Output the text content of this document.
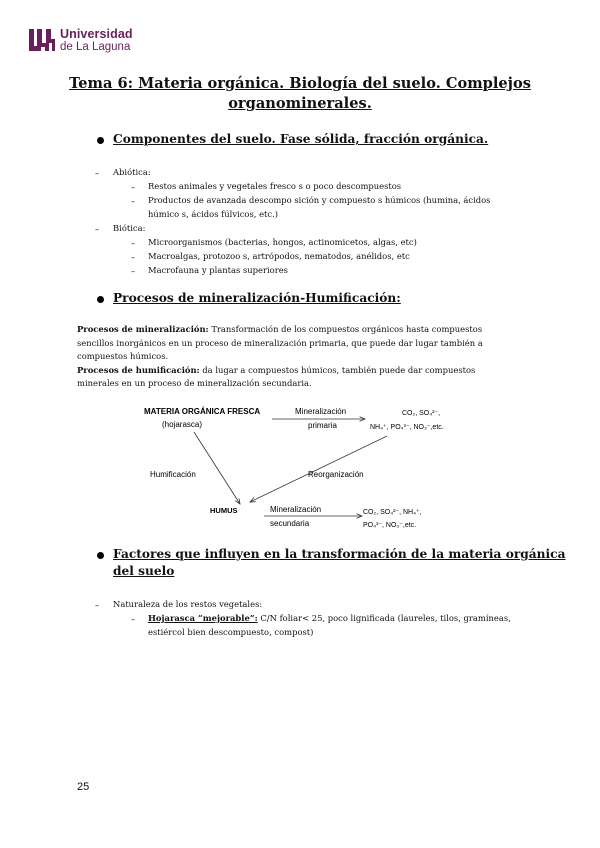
Universidad
de La Laguna
Tema 6: Materia orgánica. Biología del suelo. Complejos
organominerales.
Componentes del suelo. Fase sólida, fracción orgánica.
– Abiótica:
– Restos animales y vegetales fresco s o poco descompuestos
– Productos de avanzada descompo sición y compuesto s húmicos (humina, ácidos
húmico s, ácidos fúlvicos, etc.)
– Biótica:
– Microorganismos (bacterias, hongos, actinomicetos, algas, etc)
– Macroalgas, protozoo s, artrópodos, nematodos, anélidos, etc
– Macrofauna y plantas superiores
Procesos de mineralización-Humificación:
Procesos de mineralización: Transformación de los compuestos orgánicos hasta compuestos
sencillos inorgánicos en un proceso de mineralización primaria, que puede dar lugar también a
compuestos húmicos.
Procesos de humificación: da lugar a compuestos húmicos, también puede dar compuestos
minerales en un proceso de mineralización secundaria.
MATERIA ORGÁNICA FRESCA
(hojarasca)
Mineralización
primaria
CO₂, SO₄²⁻,
NH₄⁺, PO₄³⁻, NO₃⁻,etc.
Humificación	Reorganización
HUMUS	Mineralización
secundaria
CO₂, SO₄²⁻, NH₄⁺,
PO₄³⁻, NO₃⁻,etc.
Factores que influyen en la transformación de la materia orgánica
del suelo
– Naturaleza de los restos vegetales:
– Hojarasca “mejorable”: C/N foliar< 25, poco lignificada (laureles, tilos, gramíneas,
estiércol bien descompuesto, compost)
25
